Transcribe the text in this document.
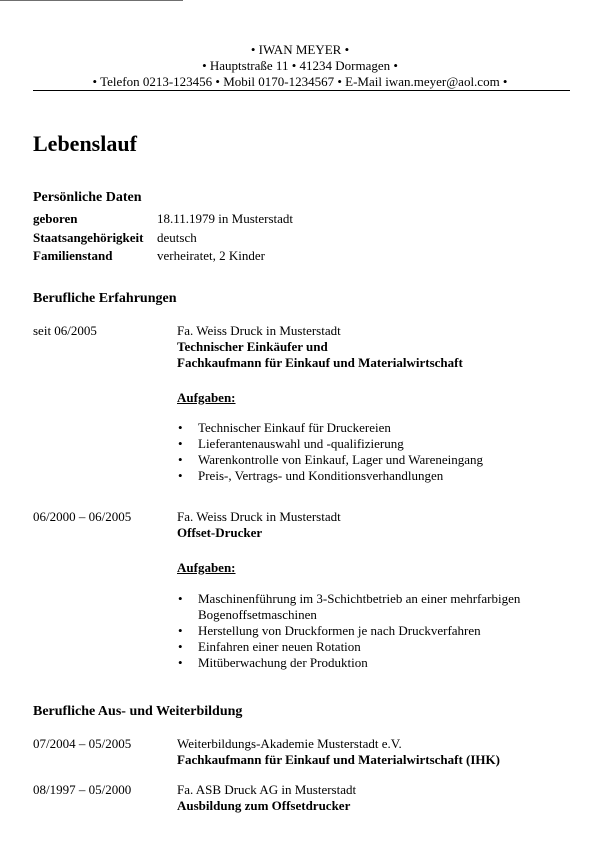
• IWAN MEYER •
• Hauptstraße 11 • 41234 Dormagen •
• Telefon 0213-123456 • Mobil 0170-1234567 • E-Mail iwan.meyer@aol.com •
Lebenslauf
Persönliche Daten
geboren	18.11.1979 in Musterstadt
Staatsangehörigkeit deutsch
Familienstand	verheiratet, 2 Kinder
Berufliche Erfahrungen
seit 06/2005	Fa. Weiss Druck in Musterstadt
Technischer Einkäufer und
Fachkaufmann für Einkauf und Materialwirtschaft
Aufgaben:
• Technischer Einkauf für Druckereien
• Lieferantenauswahl und -qualifizierung
• Warenkontrolle von Einkauf, Lager und Wareneingang
• Preis-, Vertrags- und Konditionsverhandlungen
06/2000 – 06/2005	Fa. Weiss Druck in Musterstadt
Offset-Drucker
Aufgaben:
• Maschinenführung im 3-Schichtbetrieb an einer mehrfarbigen Bogenoffsetmaschinen
• Herstellung von Druckformen je nach Druckverfahren
• Einfahren einer neuen Rotation
• Mitüberwachung der Produktion
Berufliche Aus- und Weiterbildung
07/2004 – 05/2005	Weiterbildungs-Akademie Musterstadt e.V.
Fachkaufmann für Einkauf und Materialwirtschaft (IHK)
08/1997 – 05/2000	Fa. ASB Druck AG in Musterstadt
Ausbildung zum Offsetdrucker
